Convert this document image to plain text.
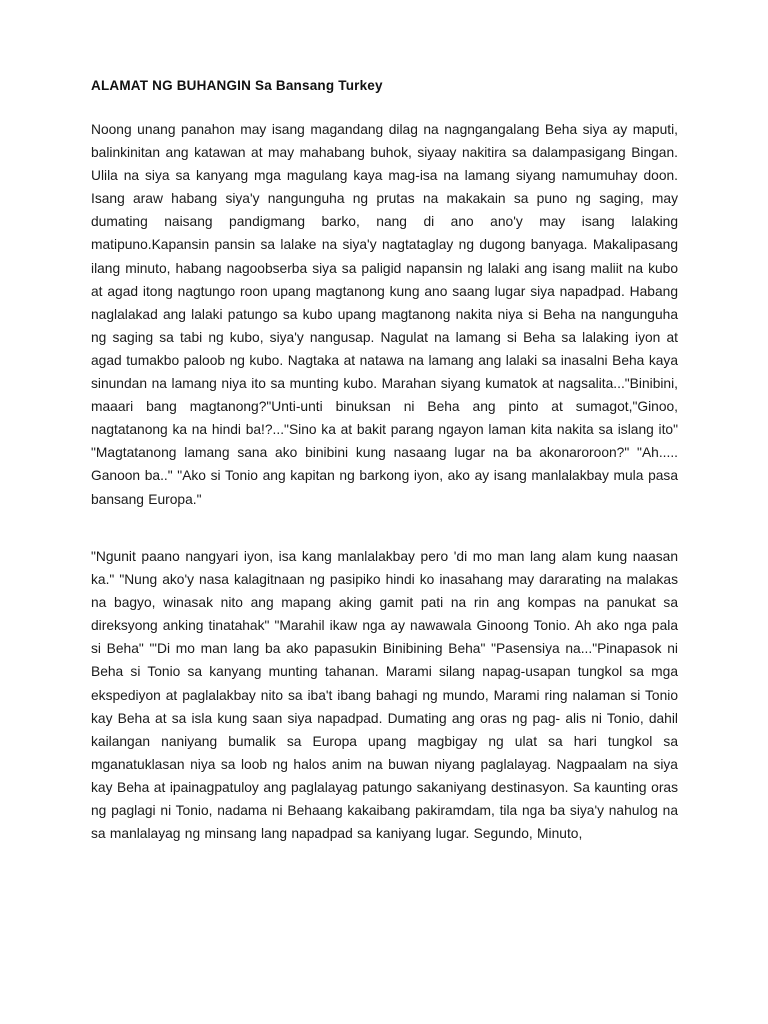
ALAMAT NG BUHANGIN Sa Bansang Turkey

Noong unang panahon may isang magandang dilag na nagngangalang Beha siya ay maputi, balinkinitan ang katawan at may mahabang buhok, siyaay nakitira sa dalampasigang Bingan. Ulila na siya sa kanyang mga magulang kaya mag-isa na lamang siyang namumuhay doon. Isang araw habang siya'y nangunguha ng prutas na makakain sa puno ng saging, may dumating naisang pandigmang barko, nang di ano ano'y may isang lalaking matipuno.Kapansin pansin sa lalake na siya'y nagtataglay ng dugong banyaga. Makalipasang ilang minuto, habang nagoobserba siya sa paligid napansin ng lalaki ang isang maliit na kubo at agad itong nagtungo roon upang magtanong kung ano saang lugar siya napadpad. Habang naglalakad ang lalaki patungo sa kubo upang magtanong nakita niya si Beha na nangunguha ng saging sa tabi ng kubo, siya'y nangusap. Nagulat na lamang si Beha sa lalaking iyon at agad tumakbo paloob ng kubo. Nagtaka at natawa na lamang ang lalaki sa inasalni Beha kaya sinundan na lamang niya ito sa munting kubo. Marahan siyang kumatok at nagsalita..."Binibini, maaari bang magtanong?"Unti-unti binuksan ni Beha ang pinto at sumagot,"Ginoo, nagtatanong ka na hindi ba!?..."Sino ka at bakit parang ngayon laman kita nakita sa islang ito" "Magtatanong lamang sana ako binibini kung nasaang lugar na ba akonaroroon?" "Ah..... Ganoon ba.." "Ako si Tonio ang kapitan ng barkong iyon, ako ay isang manlalakbay mula pasa bansang Europa."

"Ngunit paano nangyari iyon, isa kang manlalakbay pero 'di mo man lang alam kung naasan ka." "Nung ako'y nasa kalagitnaan ng pasipiko hindi ko inasahang may dararating na malakas na bagyo, winasak nito ang mapang aking gamit pati na rin ang kompas na panukat sa direksyong anking tinatahak" "Marahil ikaw nga ay nawawala Ginoong Tonio. Ah ako nga pala si Beha" "'Di mo man lang ba ako papasukin Binibining Beha" "Pasensiya na..."Pinapasok ni Beha si Tonio sa kanyang munting tahanan. Marami silang napag-usapan tungkol sa mga ekspediyon at paglalakbay nito sa iba't ibang bahagi ng mundo, Marami ring nalaman si Tonio kay Beha at sa isla kung saan siya napadpad. Dumating ang oras ng pag- alis ni Tonio, dahil kailangan naniyang bumalik sa Europa upang magbigay ng ulat sa hari tungkol sa mganatuklasan niya sa loob ng halos anim na buwan niyang paglalayag. Nagpaalam na siya kay Beha at ipainagpatuloy ang paglalayag patungo sakaniyang destinasyon. Sa kaunting oras ng paglagi ni Tonio, nadama ni Behaang kakaibang pakiramdam, tila nga ba siya'y nahulog na sa manlalayag ng minsang lang napadpad sa kaniyang lugar. Segundo, Minuto,
